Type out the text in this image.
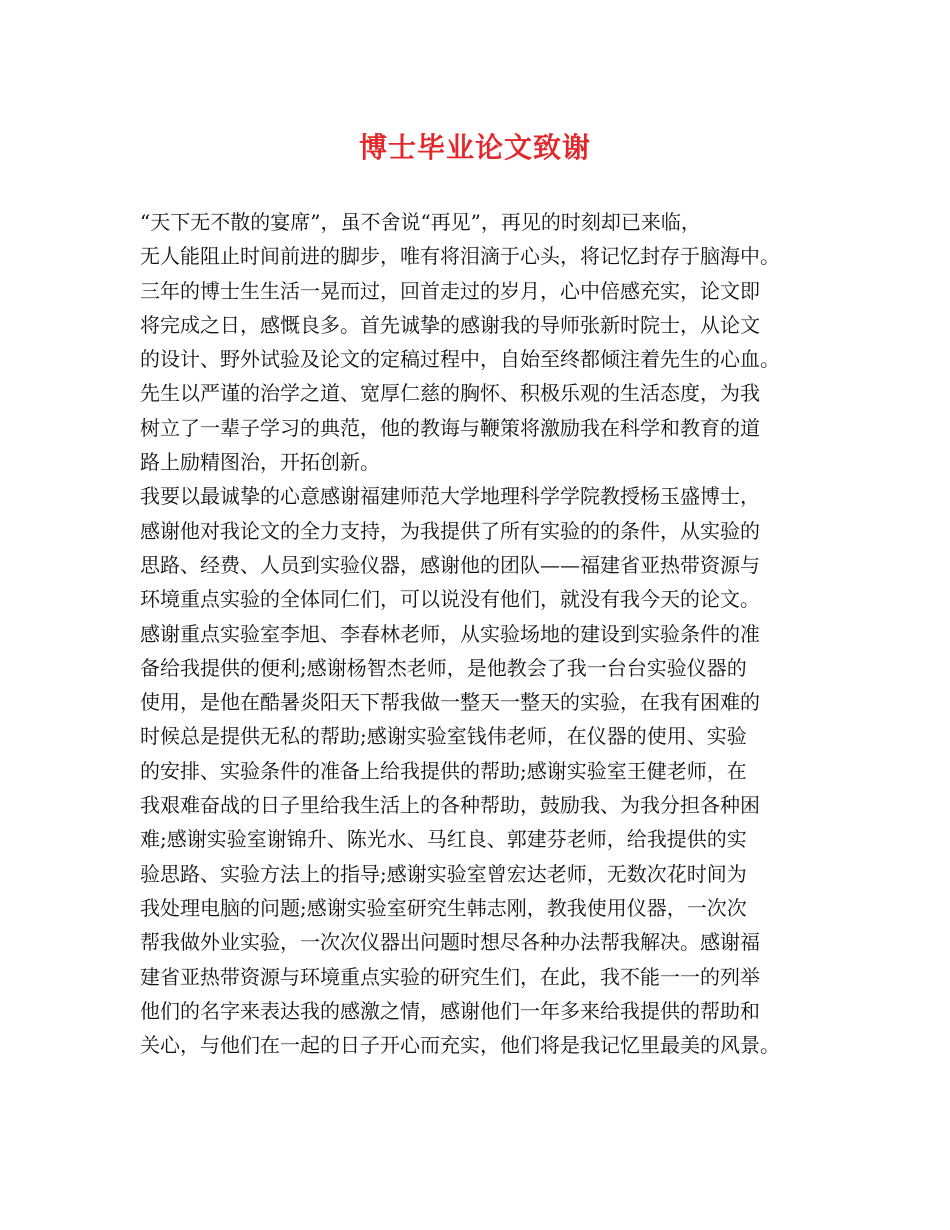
博士毕业论文致谢
“天下无不散的宴席”，虽不舍说“再见”，再见的时刻却已来临，
无人能阻止时间前进的脚步，唯有将泪滴于心头，将记忆封存于脑海中。
三年的博士生生活一晃而过，回首走过的岁月，心中倍感充实，论文即
将完成之日，感慨良多。首先诚挚的感谢我的导师张新时院士，从论文
的设计、野外试验及论文的定稿过程中，自始至终都倾注着先生的心血。
先生以严谨的治学之道、宽厚仁慈的胸怀、积极乐观的生活态度，为我
树立了一辈子学习的典范，他的教诲与鞭策将激励我在科学和教育的道
路上励精图治，开拓创新。
我要以最诚挚的心意感谢福建师范大学地理科学学院教授杨玉盛博士，
感谢他对我论文的全力支持，为我提供了所有实验的的条件，从实验的
思路、经费、人员到实验仪器，感谢他的团队——福建省亚热带资源与
环境重点实验的全体同仁们，可以说没有他们，就没有我今天的论文。
感谢重点实验室李旭、李春林老师，从实验场地的建设到实验条件的准
备给我提供的便利;感谢杨智杰老师，是他教会了我一台台实验仪器的
使用，是他在酷暑炎阳天下帮我做一整天一整天的实验，在我有困难的
时候总是提供无私的帮助;感谢实验室钱伟老师，在仪器的使用、实验
的安排、实验条件的准备上给我提供的帮助;感谢实验室王健老师，在
我艰难奋战的日子里给我生活上的各种帮助，鼓励我、为我分担各种困
难;感谢实验室谢锦升、陈光水、马红良、郭建芬老师，给我提供的实
验思路、实验方法上的指导;感谢实验室曾宏达老师，无数次花时间为
我处理电脑的问题;感谢实验室研究生韩志刚，教我使用仪器，一次次
帮我做外业实验，一次次仪器出问题时想尽各种办法帮我解决。感谢福
建省亚热带资源与环境重点实验的研究生们，在此，我不能一一的列举
他们的名字来表达我的感激之情，感谢他们一年多来给我提供的帮助和
关心，与他们在一起的日子开心而充实，他们将是我记忆里最美的风景。
